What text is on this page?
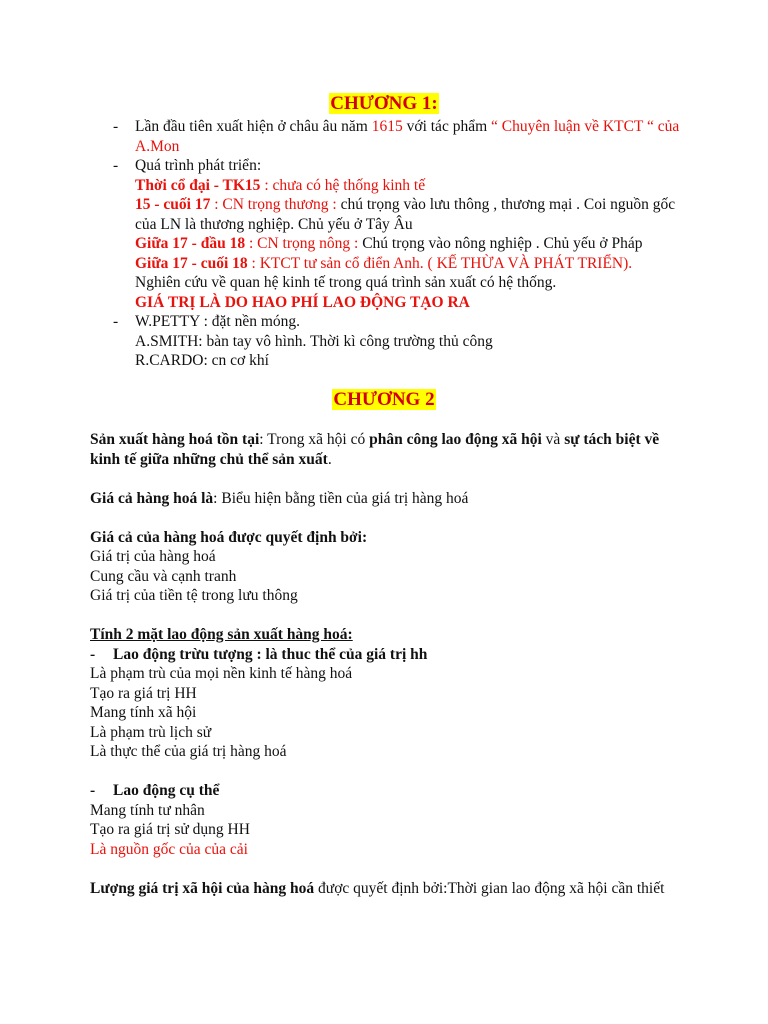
CHƯƠNG 1:
- Lần đầu tiên xuất hiện ở châu âu năm 1615 với tác phẩm “ Chuyên luận về KTCT “ của A.Mon
- Quá trình phát triển:
Thời cổ đại - TK15 : chưa có hệ thống kinh tế
15 - cuối 17 : CN trọng thương : chú trọng vào lưu thông , thương mại . Coi nguồn gốc của LN là thương nghiệp. Chủ yếu ở Tây Âu
Giữa 17 - đầu 18 : CN trọng nông : Chú trọng vào nông nghiệp . Chủ yếu ở Pháp
Giữa 17 - cuối 18 : KTCT tư sản cổ điển Anh. ( KẾ THỪA VÀ PHÁT TRIỂN).
Nghiên cứu về quan hệ kinh tế trong quá trình sản xuất có hệ thống.
GIÁ TRỊ LÀ DO HAO PHÍ LAO ĐỘNG TẠO RA
- W.PETTY : đặt nền móng.
A.SMITH: bàn tay vô hình. Thời kì công trường thủ công
R.CARDO: cn cơ khí
CHƯƠNG 2
Sản xuất hàng hoá tồn tại: Trong xã hội có phân công lao động xã hội và sự tách biệt về kinh tế giữa những chủ thể sản xuất.
Giá cả hàng hoá là: Biểu hiện bằng tiền của giá trị hàng hoá
Giá cả của hàng hoá được quyết định bởi:
Giá trị của hàng hoá
Cung cầu và cạnh tranh
Giá trị của tiền tệ trong lưu thông
Tính 2 mặt lao động sản xuất hàng hoá:
- Lao động trừu tượng : là thuc thể của giá trị hh
Là phạm trù của mọi nền kinh tế hàng hoá
Tạo ra giá trị HH
Mang tính xã hội
Là phạm trù lịch sử
Là thực thể của giá trị hàng hoá
- Lao động cụ thể
Mang tính tư nhân
Tạo ra giá trị sử dụng HH
Là nguồn gốc của của cải
Lượng giá trị xã hội của hàng hoá được quyết định bởi:Thời gian lao động xã hội cần thiết
